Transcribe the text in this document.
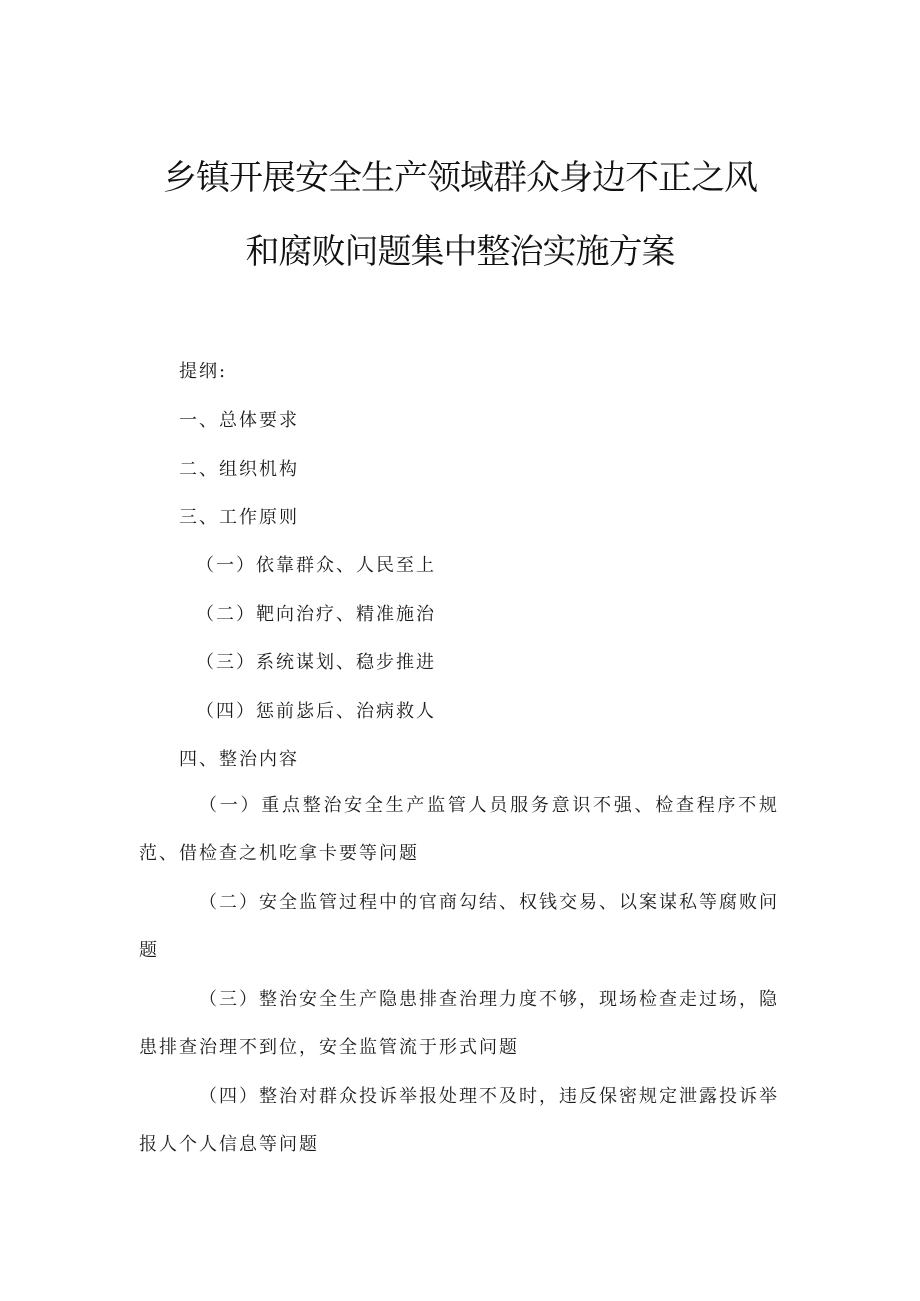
乡镇开展安全生产领域群众身边不正之风
和腐败问题集中整治实施方案
提纲:
一、总体要求
二、组织机构
三、工作原则
（一）依靠群众、人民至上
（二）靶向治疗、精准施治
（三）系统谋划、稳步推进
（四）惩前毖后、治病救人
四、整治内容
（一）重点整治安全生产监管人员服务意识不强、检查程序不规范、借检查之机吃拿卡要等问题
（二）安全监管过程中的官商勾结、权钱交易、以案谋私等腐败问题
（三）整治安全生产隐患排查治理力度不够，现场检查走过场，隐患排查治理不到位，安全监管流于形式问题
（四）整治对群众投诉举报处理不及时，违反保密规定泄露投诉举报人个人信息等问题
